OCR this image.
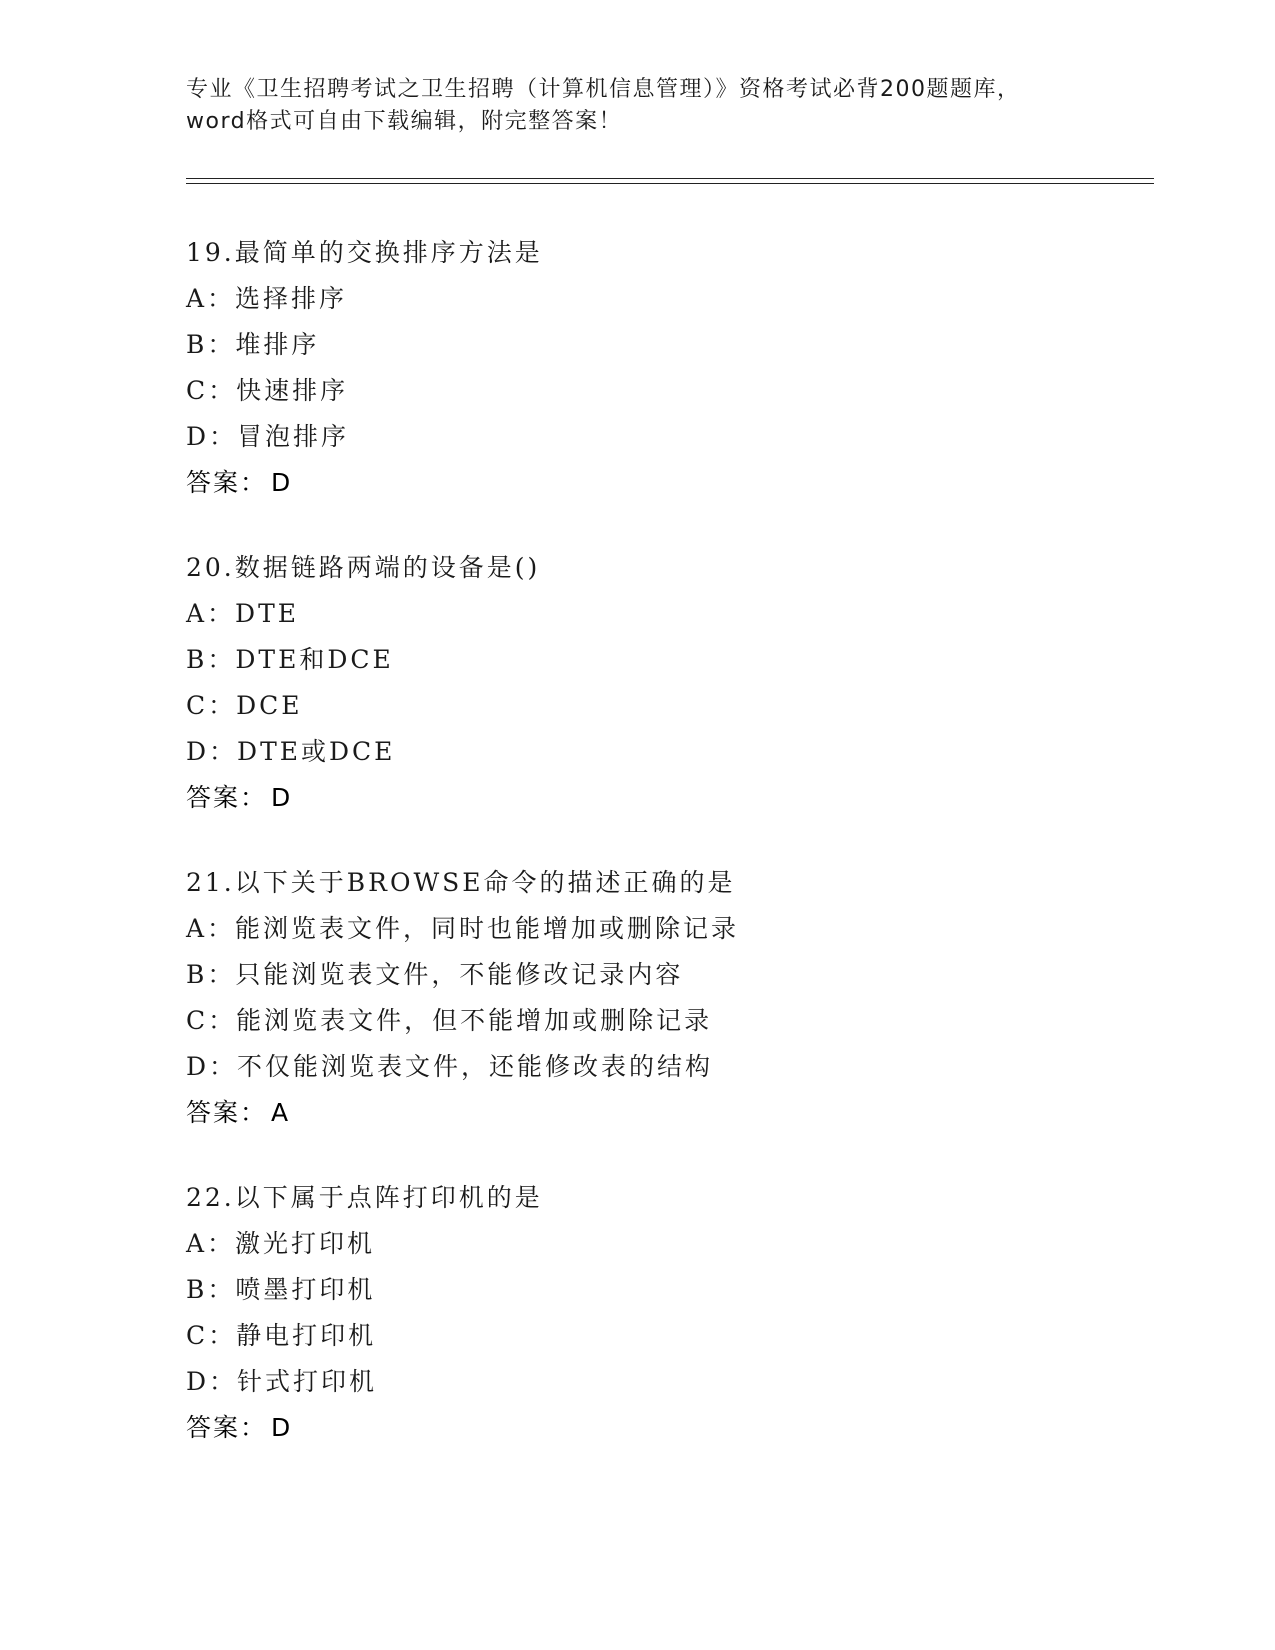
专业《卫生招聘考试之卫生招聘（计算机信息管理）》资格考试必背200题题库，
word格式可自由下载编辑，附完整答案！
19.最简单的交换排序方法是
A：选择排序
B：堆排序
C：快速排序
D：冒泡排序
答案： D
20.数据链路两端的设备是()
A：DTE
B：DTE和DCE
C：DCE
D：DTE或DCE
答案： D
21.以下关于BROWSE命令的描述正确的是
A：能浏览表文件，同时也能增加或删除记录
B：只能浏览表文件，不能修改记录内容
C：能浏览表文件，但不能增加或删除记录
D：不仅能浏览表文件，还能修改表的结构
答案： A
22.以下属于点阵打印机的是
A：激光打印机
B：喷墨打印机
C：静电打印机
D：针式打印机
答案： D
